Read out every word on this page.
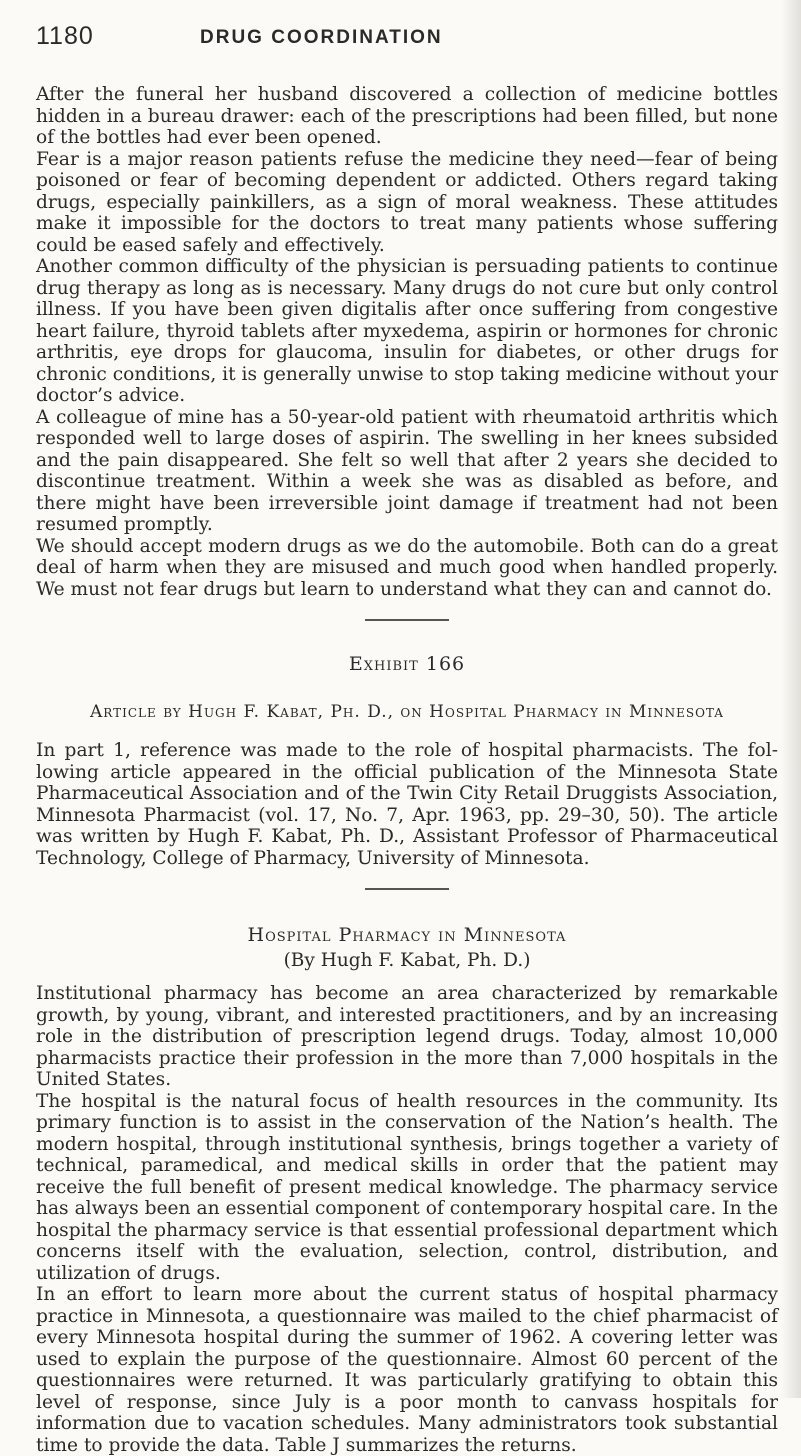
1180	DRUG COORDINATION

After the funeral her husband discovered a collection of medicine bottles hidden in a bureau drawer: each of the prescriptions had been filled, but none of the bottles had ever been opened.

Fear is a major reason patients refuse the medicine they need—fear of being poisoned or fear of becoming dependent or addicted. Others regard taking drugs, especially painkillers, as a sign of moral weakness. These attitudes make it impossible for the doctors to treat many patients whose suffering could be eased safely and effectively.

Another common difficulty of the physician is persuading patients to continue drug therapy as long as is necessary. Many drugs do not cure but only control illness. If you have been given digitalis after once suffering from congestive heart failure, thyroid tablets after myxedema, aspirin or hormones for chronic arthritis, eye drops for glaucoma, insulin for diabetes, or other drugs for chronic conditions, it is generally unwise to stop taking medicine without your doctor’s advice.

A colleague of mine has a 50-year-old patient with rheumatoid arthritis which responded well to large doses of aspirin. The swelling in her knees subsided and the pain disappeared. She felt so well that after 2 years she decided to discontinue treatment. Within a week she was as disabled as before, and there might have been irreversible joint damage if treatment had not been resumed promptly.

We should accept modern drugs as we do the automobile. Both can do a great deal of harm when they are misused and much good when handled properly. We must not fear drugs but learn to understand what they can and cannot do.

Exhibit 166
Article by Hugh F. Kabat, Ph. D., on Hospital Pharmacy in Minnesota

In part 1, reference was made to the role of hospital pharmacists. The following article appeared in the official publication of the Minnesota State Pharmaceutical Association and of the Twin City Retail Druggists Association, Minnesota Pharmacist (vol. 17, No. 7, Apr. 1963, pp. 29–30, 50). The article was written by Hugh F. Kabat, Ph. D., Assistant Professor of Pharmaceutical Technology, College of Pharmacy, University of Minnesota.

Hospital Pharmacy in Minnesota
(By Hugh F. Kabat, Ph. D.)

Institutional pharmacy has become an area characterized by remarkable growth, by young, vibrant, and interested practitioners, and by an increasing role in the distribution of prescription legend drugs. Today, almost 10,000 pharmacists practice their profession in the more than 7,000 hospitals in the United States.

The hospital is the natural focus of health resources in the community. Its primary function is to assist in the conservation of the Nation’s health. The modern hospital, through institutional synthesis, brings together a variety of technical, paramedical, and medical skills in order that the patient may receive the full benefit of present medical knowledge. The pharmacy service has always been an essential component of contemporary hospital care. In the hospital the pharmacy service is that essential professional department which concerns itself with the evaluation, selection, control, distribution, and utilization of drugs.

In an effort to learn more about the current status of hospital pharmacy practice in Minnesota, a questionnaire was mailed to the chief pharmacist of every Minnesota hospital during the summer of 1962. A covering letter was used to explain the purpose of the questionnaire. Almost 60 percent of the questionnaires were returned. It was particularly gratifying to obtain this level of response, since July is a poor month to canvass hospitals for information due to vacation schedules. Many administrators took substantial time to provide the data. Table J summarizes the returns.
